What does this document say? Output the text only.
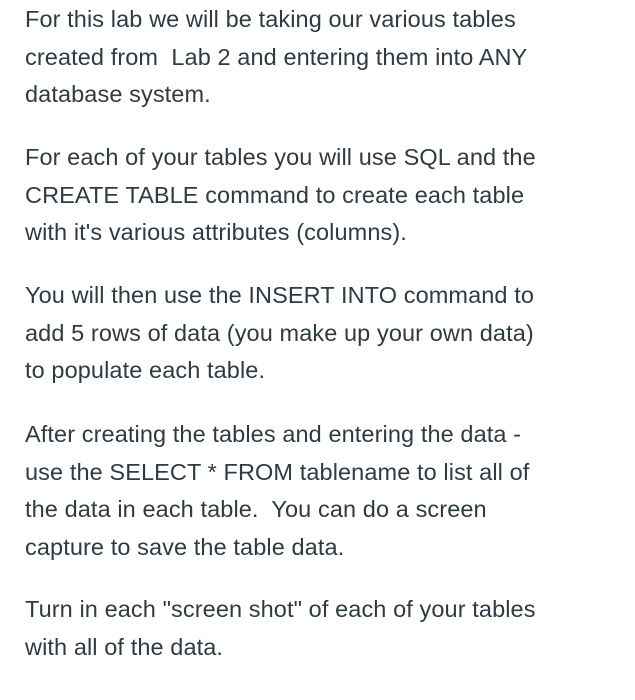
For this lab we will be taking our various tables
created from  Lab 2 and entering them into ANY
database system.

For each of your tables you will use SQL and the
CREATE TABLE command to create each table
with it's various attributes (columns).

You will then use the INSERT INTO command to
add 5 rows of data (you make up your own data)
to populate each table.

After creating the tables and entering the data -
use the SELECT * FROM tablename to list all of
the data in each table.  You can do a screen
capture to save the table data.

Turn in each "screen shot" of each of your tables
with all of the data.
